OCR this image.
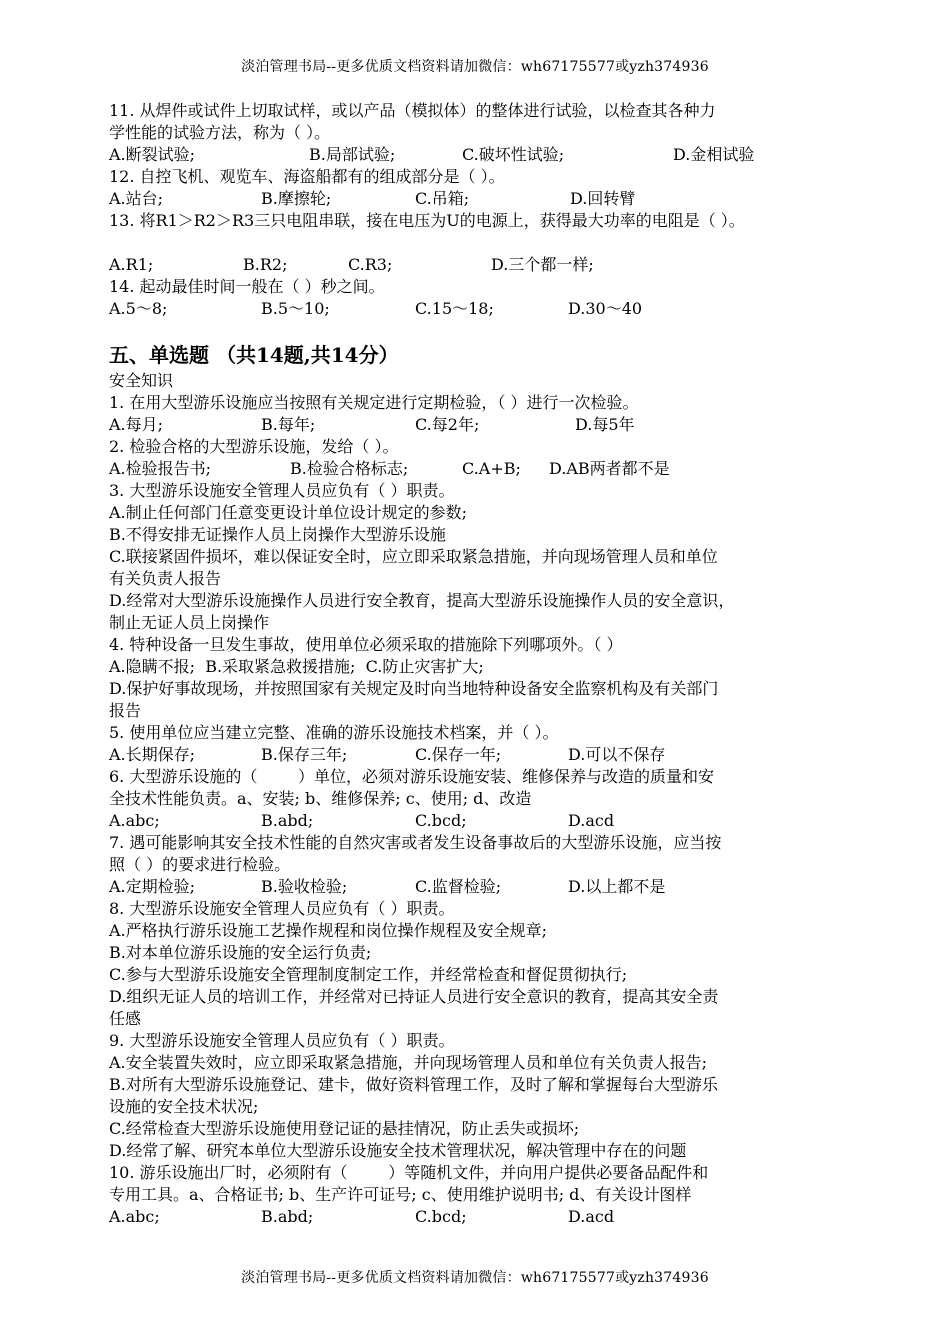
淡泊管理书局--更多优质文档资料请加微信：wh67175577或yzh374936
11. 从焊件或试件上切取试样，或以产品（模拟体）的整体进行试验，以检查其各种力
学性能的试验方法，称为（ ）。
A.断裂试验;	B.局部试验;	C.破坏性试验;	D.金相试验
12. 自控飞机、观览车、海盗船都有的组成部分是（ ）。
A.站台;	B.摩擦轮;	C.吊箱;	D.回转臂
13. 将R1＞R2＞R3三只电阻串联，接在电压为U的电源上，获得最大功率的电阻是（ ）。
A.R1;	B.R2;	C.R3;	D.三个都一样;
14. 起动最佳时间一般在（ ）秒之间。
A.5～8;	B.5～10;	C.15～18;	D.30～40
五、单选题 （共14题,共14分）
安全知识
1. 在用大型游乐设施应当按照有关规定进行定期检验，（ ）进行一次检验。
A.每月;	B.每年;	C.每2年;	D.每5年
2. 检验合格的大型游乐设施，发给（ ）。
A.检验报告书;	B.检验合格标志;	C.A+B; D.AB两者都不是
3. 大型游乐设施安全管理人员应负有（ ）职责。
A.制止任何部门任意变更设计单位设计规定的参数;
B.不得安排无证操作人员上岗操作大型游乐设施
C.联接紧固件损坏，难以保证安全时，应立即采取紧急措施，并向现场管理人员和单位
有关负责人报告
D.经常对大型游乐设施操作人员进行安全教育，提高大型游乐设施操作人员的安全意识，
制止无证人员上岗操作
4. 特种设备一旦发生事故，使用单位必须采取的措施除下列哪项外。（ ）
A.隐瞒不报;  B.采取紧急救援措施;  C.防止灾害扩大;
D.保护好事故现场，并按照国家有关规定及时向当地特种设备安全监察机构及有关部门
报告
5. 使用单位应当建立完整、准确的游乐设施技术档案，并（ ）。
A.长期保存;	B.保存三年;	C.保存一年;	D.可以不保存
6. 大型游乐设施的（        ）单位，必须对游乐设施安装、维修保养与改造的质量和安
全技术性能负责。a、安装; b、维修保养; c、使用; d、改造
A.abc;	B.abd;	C.bcd;	D.acd
7. 遇可能影响其安全技术性能的自然灾害或者发生设备事故后的大型游乐设施，应当按
照（ ）的要求进行检验。
A.定期检验;	B.验收检验;	C.监督检验;	D.以上都不是
8. 大型游乐设施安全管理人员应负有（ ）职责。
A.严格执行游乐设施工艺操作规程和岗位操作规程及安全规章;
B.对本单位游乐设施的安全运行负责;
C.参与大型游乐设施安全管理制度制定工作，并经常检查和督促贯彻执行;
D.组织无证人员的培训工作，并经常对已持证人员进行安全意识的教育，提高其安全责
任感
9. 大型游乐设施安全管理人员应负有（ ）职责。
A.安全装置失效时，应立即采取紧急措施，并向现场管理人员和单位有关负责人报告;
B.对所有大型游乐设施登记、建卡，做好资料管理工作，及时了解和掌握每台大型游乐
设施的安全技术状况;
C.经常检查大型游乐设施使用登记证的悬挂情况，防止丢失或损坏;
D.经常了解、研究本单位大型游乐设施安全技术管理状况，解决管理中存在的问题
10. 游乐设施出厂时，必须附有（        ）等随机文件，并向用户提供必要备品配件和
专用工具。a、合格证书; b、生产许可证号; c、使用维护说明书; d、有关设计图样
A.abc;	B.abd;	C.bcd;	D.acd
淡泊管理书局--更多优质文档资料请加微信：wh67175577或yzh374936
